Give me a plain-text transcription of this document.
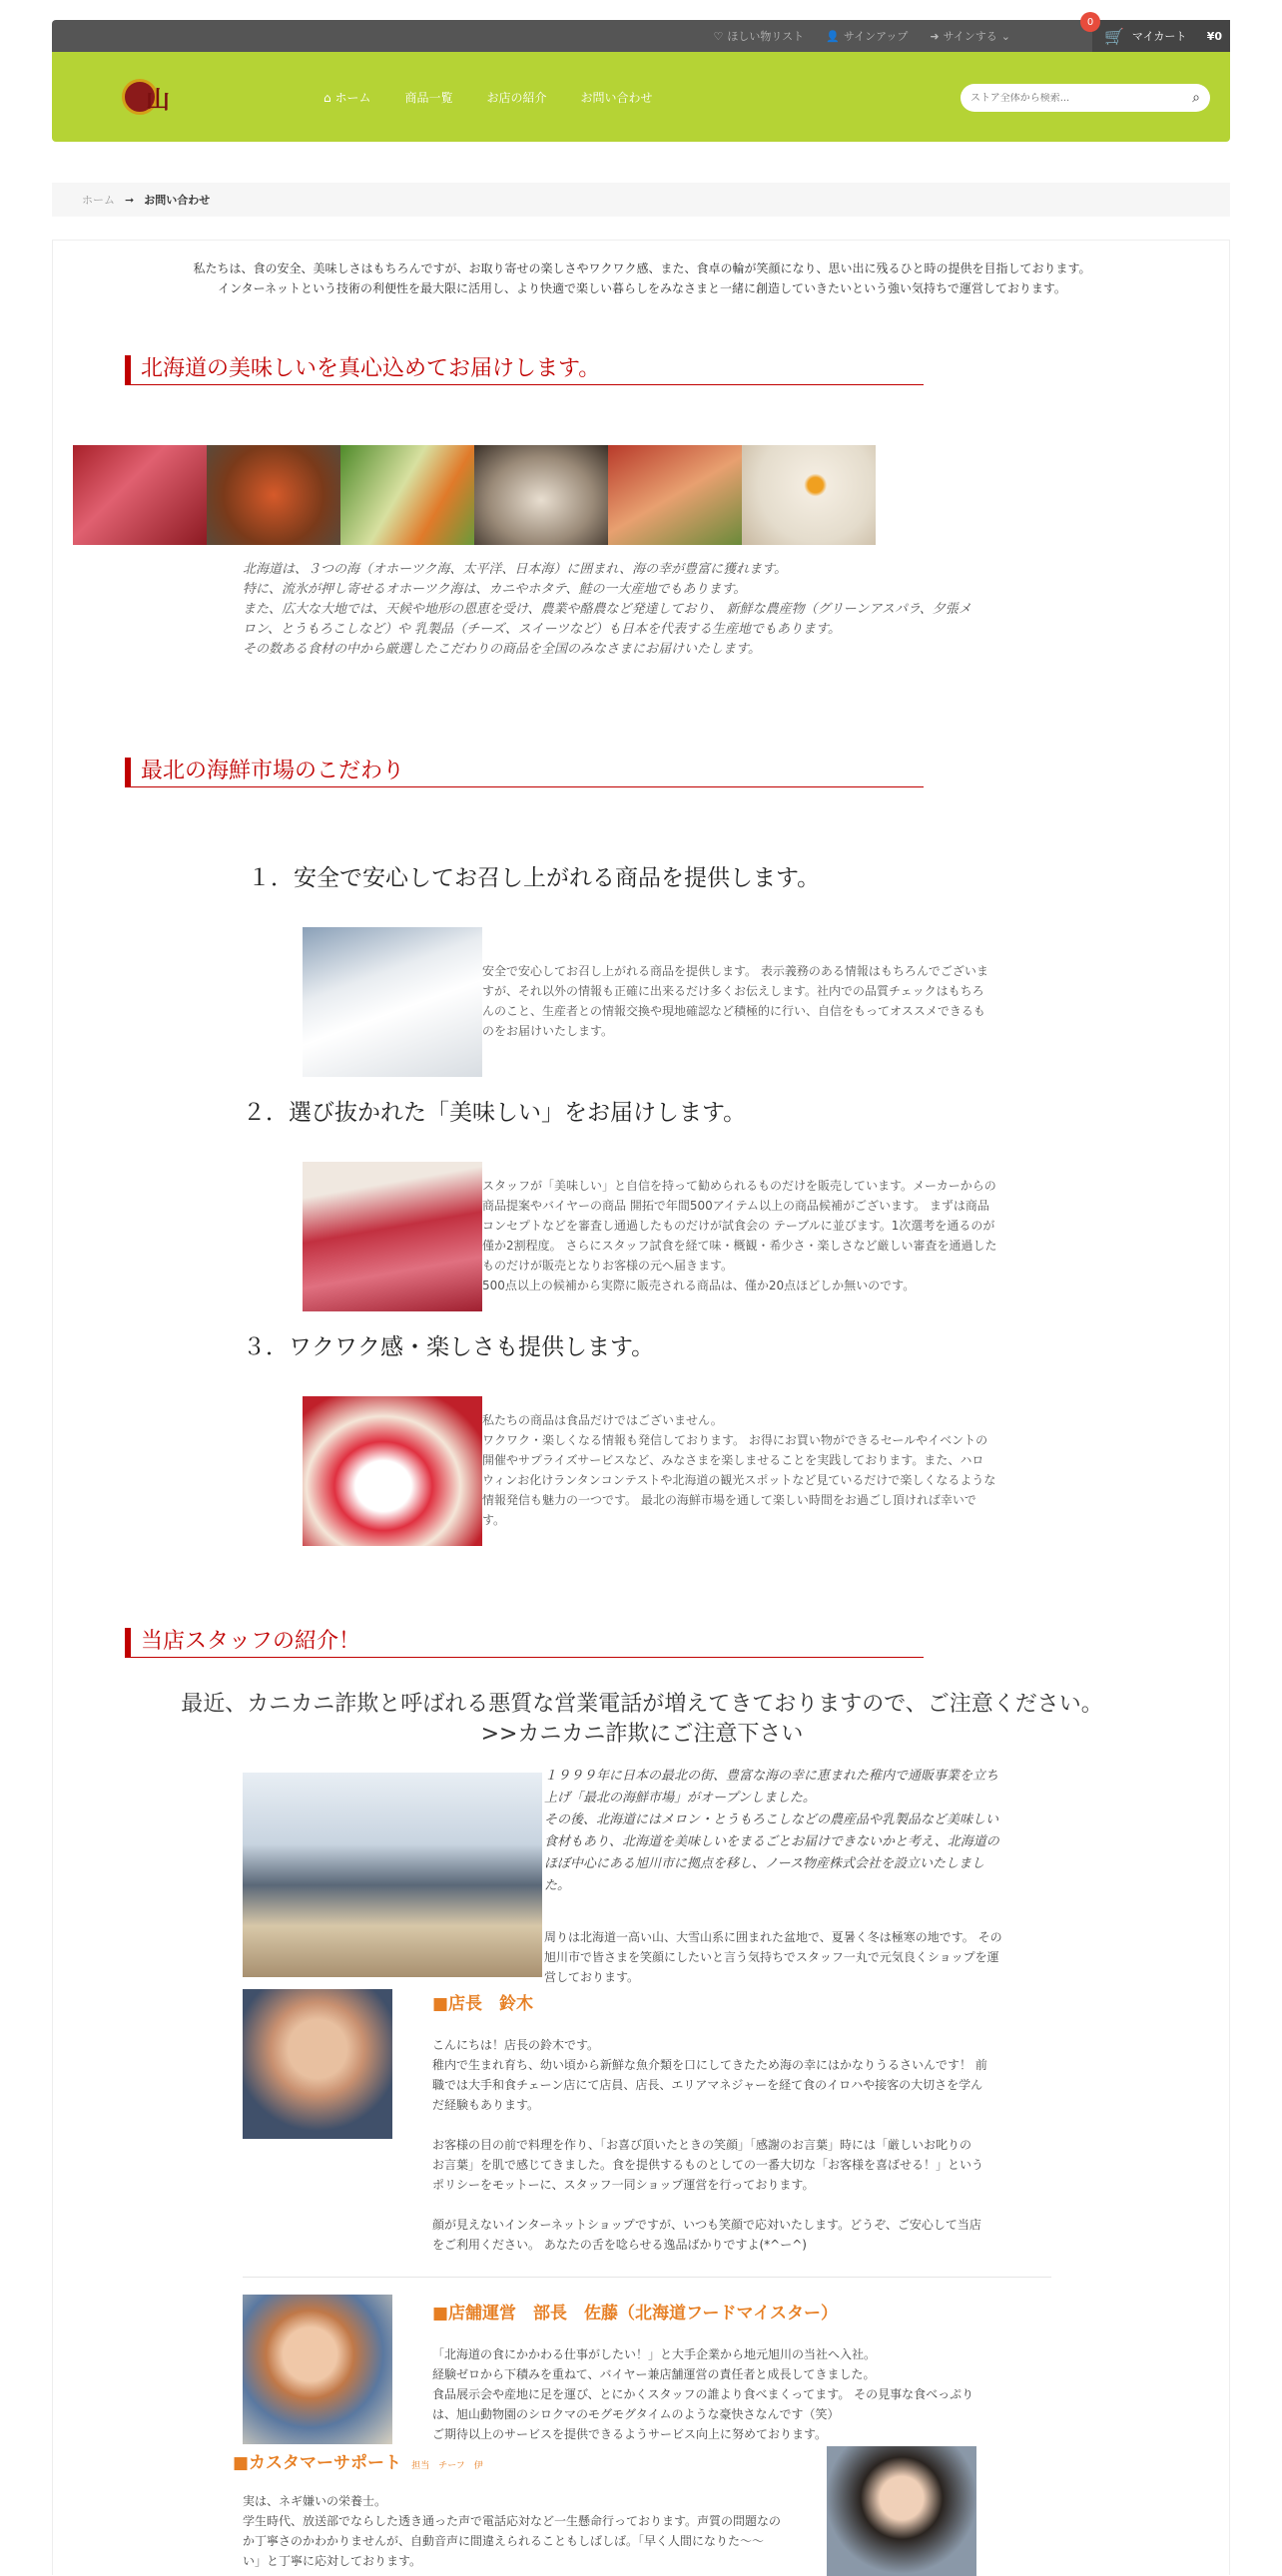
♡ ほしい物リスト 👤 サインアップ ➜ サインする ⌄
0
🛒 マイカート ¥0
山	⌂ ホーム	商品一覧	お店の紹介	お問い合わせ
ストア全体から検索...	⌕
ホーム ➞ お問い合わせ
私たちは、食の安全、美味しさはもちろんですが、お取り寄せの楽しさやワクワク感、また、食卓の輪が笑顔になり、思い出に残るひと時の提供を目指しております。
インターネットという技術の利便性を最大限に活用し、より快適で楽しい暮らしをみなさまと一緒に創造していきたいという強い気持ちで運営しております。
北海道の美味しいを真心込めてお届けします。
北海道は、３つの海（オホーツク海、太平洋、日本海）に囲まれ、海の幸が豊富に獲れます。
特に、流氷が押し寄せるオホーツク海は、カニやホタテ、鮭の一大産地でもあります。
また、広大な大地では、天候や地形の恩恵を受け、農業や酪農など発達しており、 新鮮な農産物（グリーンアスパラ、夕張メ
ロン、とうもろこしなど）や 乳製品（チーズ、スイーツなど）も日本を代表する生産地でもあります。
その数ある食材の中から厳選したこだわりの商品を全国のみなさまにお届けいたします。
最北の海鮮市場のこだわり
１．安全で安心してお召し上がれる商品を提供します。
安全で安心してお召し上がれる商品を提供します。 表示義務のある情報はもちろんでございま
すが、それ以外の情報も正確に出来るだけ多くお伝えします。社内での品質チェックはもちろ
んのこと、生産者との情報交換や現地確認など積極的に行い、自信をもってオススメできるも
のをお届けいたします。
２．選び抜かれた「美味しい」をお届けします。
スタッフが「美味しい」と自信を持って勧められるものだけを販売しています。メーカーからの
商品提案やバイヤーの商品 開拓で年間500アイテム以上の商品候補がございます。 まずは商品
コンセプトなどを審査し通過したものだけが試食会の テーブルに並びます。1次選考を通るのが
僅か2割程度。 さらにスタッフ試食を経て味・概観・希少さ・楽しさなど厳しい審査を通過した
ものだけが販売となりお客様の元へ届きます。
500点以上の候補から実際に販売される商品は、僅か20点ほどしか無いのです。
３．ワクワク感・楽しさも提供します。
私たちの商品は食品だけではございません。
ワクワク・楽しくなる情報も発信しております。 お得にお買い物ができるセールやイベントの
開催やサプライズサービスなど、みなさまを楽しませることを実践しております。また、ハロ
ウィンお化けランタンコンテストや北海道の観光スポットなど見ているだけで楽しくなるような
情報発信も魅力の一つです。 最北の海鮮市場を通して楽しい時間をお過ごし頂ければ幸いで
す。
当店スタッフの紹介！
最近、カニカニ詐欺と呼ばれる悪質な営業電話が増えてきておりますので、ご注意ください。
>>カニカニ詐欺にご注意下さい
１９９９年に日本の最北の街、豊富な海の幸に恵まれた稚内で通販事業を立ち
上げ「最北の海鮮市場」がオープンしました。
その後、北海道にはメロン・とうもろこしなどの農産品や乳製品など美味しい
食材もあり、北海道を美味しいをまるごとお届けできないかと考え、北海道の
ほぼ中心にある旭川市に拠点を移し、ノース物産株式会社を設立いたしまし
た。
周りは北海道一高い山、大雪山系に囲まれた盆地で、夏暑く冬は極寒の地です。 その
旭川市で皆さまを笑顔にしたいと言う気持ちでスタッフ一丸で元気良くショップを運
営しております。
■店長　鈴木
こんにちは！店長の鈴木です。
稚内で生まれ育ち、幼い頃から新鮮な魚介類を口にしてきたため海の幸にはかなりうるさいんです！ 前
職では大手和食チェーン店にて店員、店長、エリアマネジャーを経て食のイロハや接客の大切さを学ん
だ経験もあります。
お客様の目の前で料理を作り、「お喜び頂いたときの笑顔」「感謝のお言葉」時には「厳しいお叱りの
お言葉」を肌で感じてきました。食を提供するものとしての一番大切な「お客様を喜ばせる！」という
ポリシーをモットーに、スタッフ一同ショップ運営を行っております。
顔が見えないインターネットショップですが、いつも笑顔で応対いたします。どうぞ、ご安心して当店
をご利用ください。 あなたの舌を唸らせる逸品ばかりですよ(*^ー^)
■店舗運営　部長　佐藤（北海道フードマイスター）
「北海道の食にかかわる仕事がしたい！」と大手企業から地元旭川の当社へ入社。
経験ゼロから下積みを重ねて、バイヤー兼店舗運営の責任者と成長してきました。
食品展示会や産地に足を運び、とにかくスタッフの誰より食べまくってます。 その見事な食べっぷり
は、旭山動物園のシロクマのモグモグタイムのような豪快さなんです（笑）
ご期待以上のサービスを提供できるようサービス向上に努めております。
■カスタマーサポート 担当　チーフ　伊
実は、ネギ嫌いの栄養士。
学生時代、放送部でならした透き通った声で電話応対など一生懸命行っております。声質の問題なの
か丁寧さのかわかりませんが、自動音声に間違えられることもしばしば。「早く人間になりた～～
い」と丁寧に応対しております。
